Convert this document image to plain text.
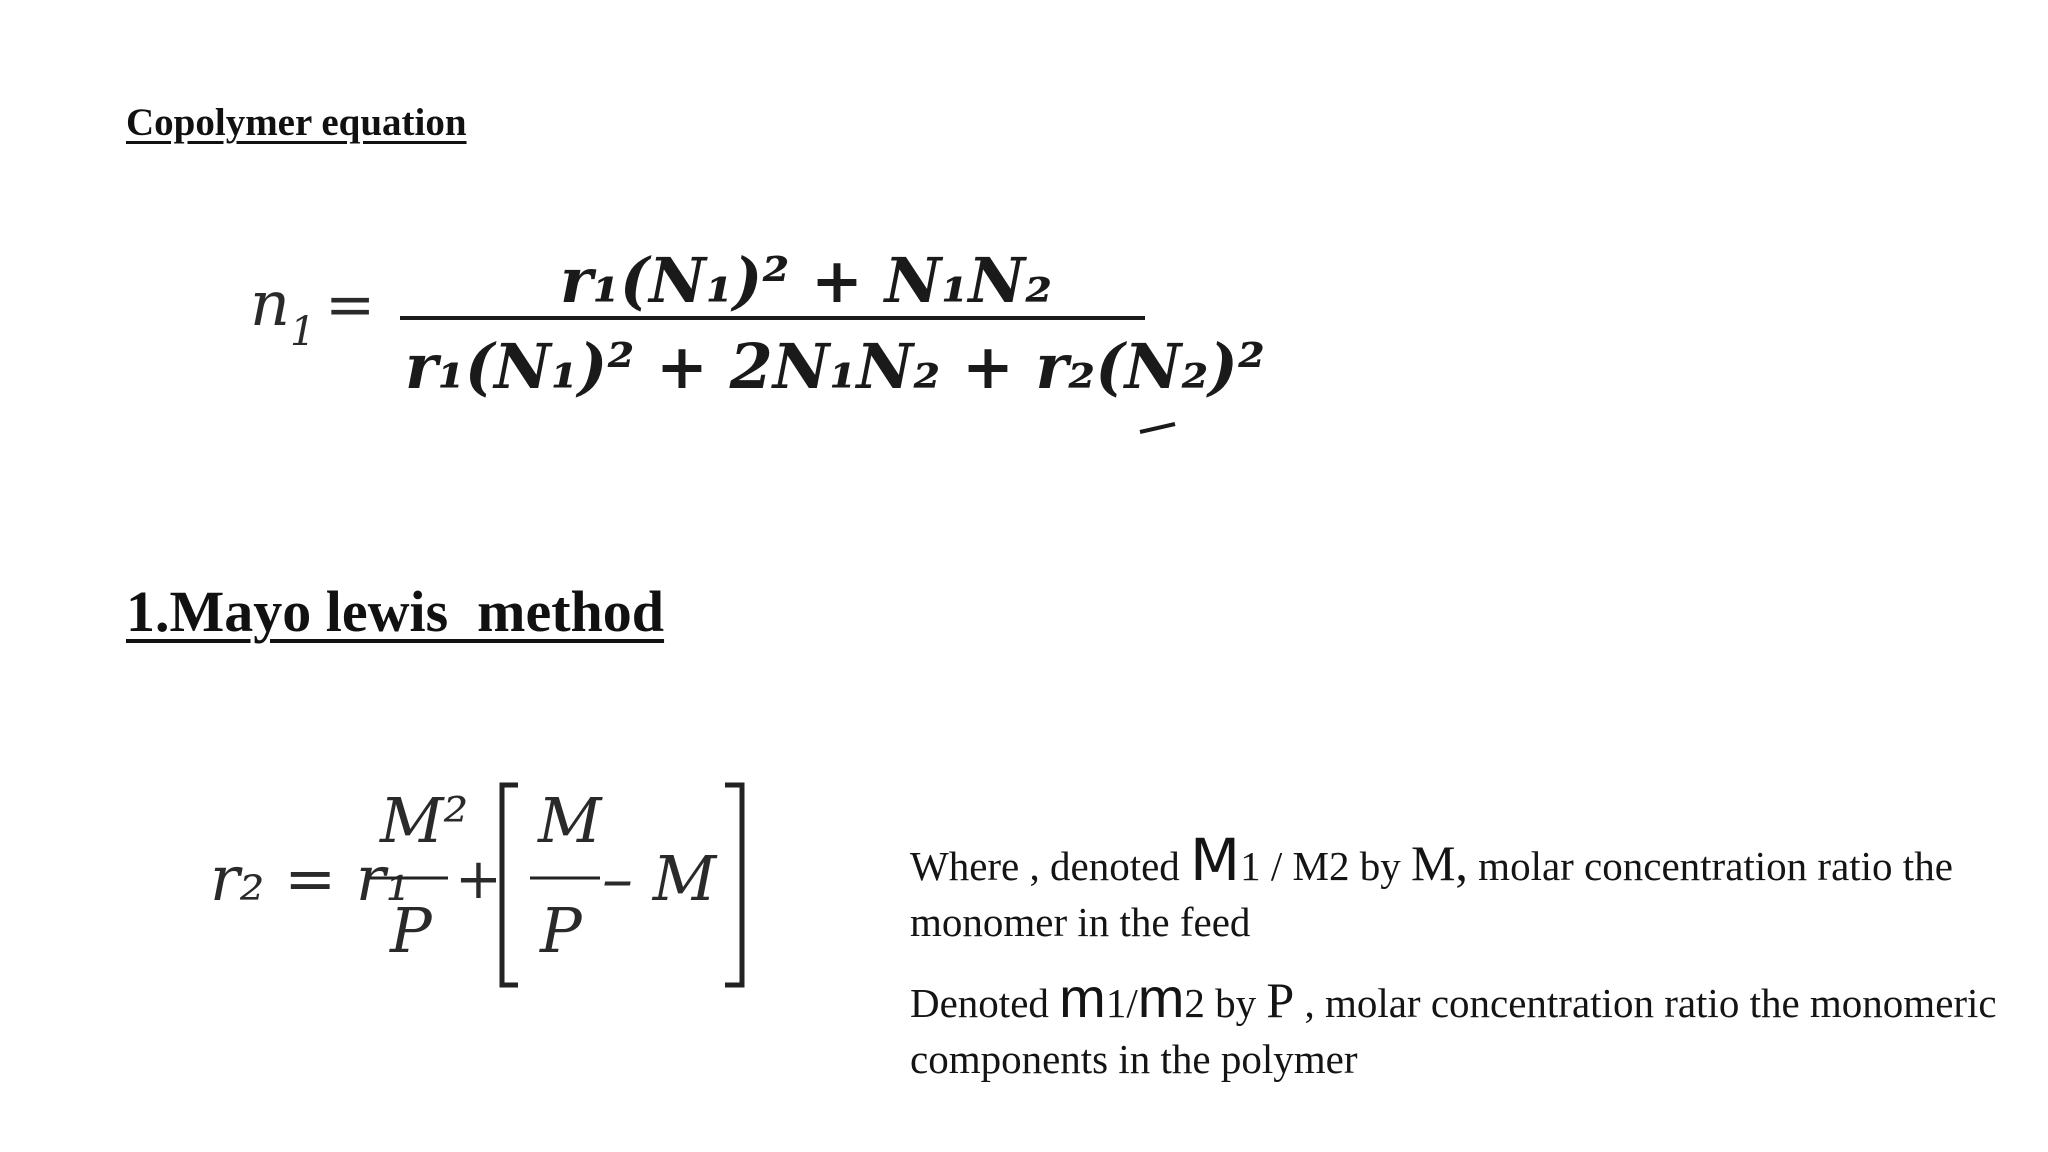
Copolymer equation
n 1 =	r₁(N₁)² + N₁N₂
r₁(N₁)² + 2N₁N₂ + r₂(N₂)²
1.Mayo lewis  method
r₂ = r₁
M²
P
+
M
P
– M	Where , denoted M1 / M2 by M, molar concentration ratio the monomer in the feed

Denoted m1/m2 by P , molar concentration ratio the monomeric components in the polymer
